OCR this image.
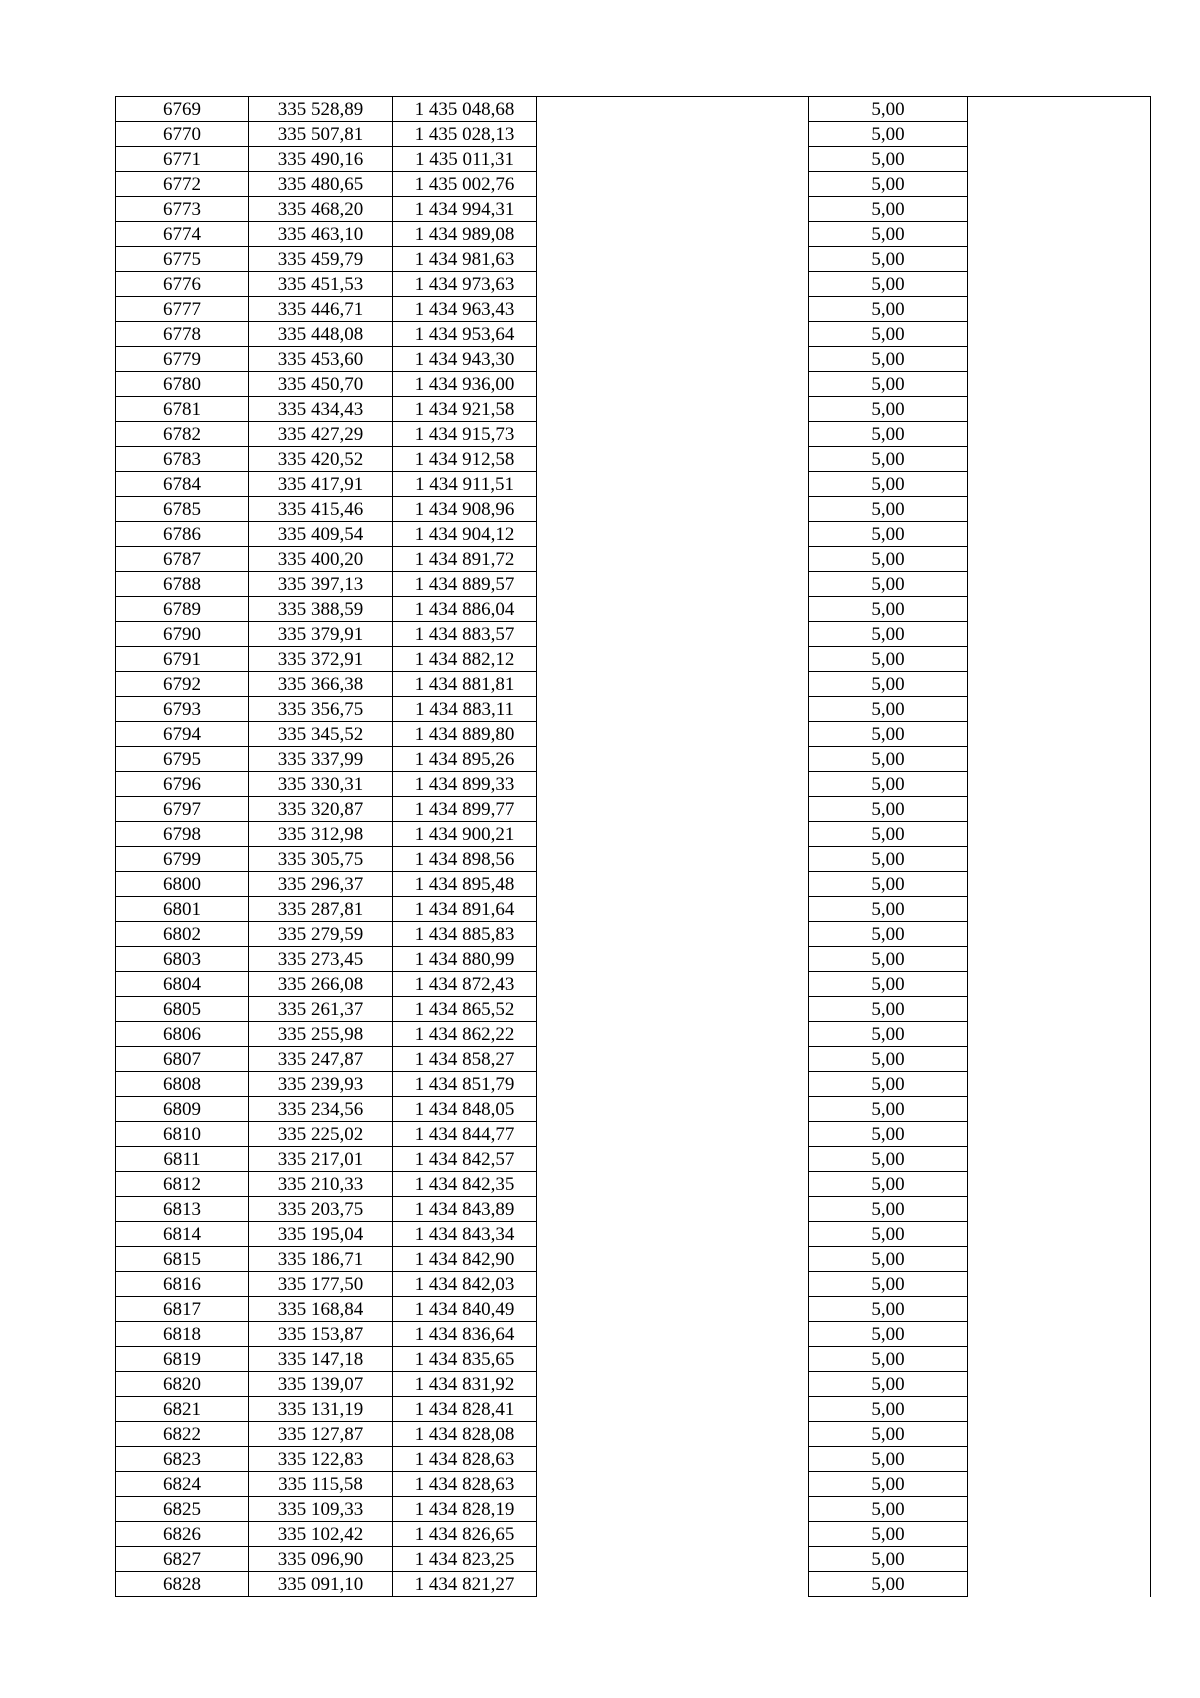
6769	335 528,89	1 435 048,68		5,00	
6770	335 507,81	1 435 028,13		5,00	
6771	335 490,16	1 435 011,31		5,00	
6772	335 480,65	1 435 002,76		5,00	
6773	335 468,20	1 434 994,31		5,00	
6774	335 463,10	1 434 989,08		5,00	
6775	335 459,79	1 434 981,63		5,00	
6776	335 451,53	1 434 973,63		5,00	
6777	335 446,71	1 434 963,43		5,00	
6778	335 448,08	1 434 953,64		5,00	
6779	335 453,60	1 434 943,30		5,00	
6780	335 450,70	1 434 936,00		5,00	
6781	335 434,43	1 434 921,58		5,00	
6782	335 427,29	1 434 915,73		5,00	
6783	335 420,52	1 434 912,58		5,00	
6784	335 417,91	1 434 911,51		5,00	
6785	335 415,46	1 434 908,96		5,00	
6786	335 409,54	1 434 904,12		5,00	
6787	335 400,20	1 434 891,72		5,00	
6788	335 397,13	1 434 889,57		5,00	
6789	335 388,59	1 434 886,04		5,00	
6790	335 379,91	1 434 883,57		5,00	
6791	335 372,91	1 434 882,12		5,00	
6792	335 366,38	1 434 881,81		5,00	
6793	335 356,75	1 434 883,11		5,00	
6794	335 345,52	1 434 889,80		5,00	
6795	335 337,99	1 434 895,26		5,00	
6796	335 330,31	1 434 899,33		5,00	
6797	335 320,87	1 434 899,77		5,00	
6798	335 312,98	1 434 900,21		5,00	
6799	335 305,75	1 434 898,56		5,00	
6800	335 296,37	1 434 895,48		5,00	
6801	335 287,81	1 434 891,64		5,00	
6802	335 279,59	1 434 885,83		5,00	
6803	335 273,45	1 434 880,99		5,00	
6804	335 266,08	1 434 872,43		5,00	
6805	335 261,37	1 434 865,52		5,00	
6806	335 255,98	1 434 862,22		5,00	
6807	335 247,87	1 434 858,27		5,00	
6808	335 239,93	1 434 851,79		5,00	
6809	335 234,56	1 434 848,05		5,00	
6810	335 225,02	1 434 844,77		5,00	
6811	335 217,01	1 434 842,57		5,00	
6812	335 210,33	1 434 842,35		5,00	
6813	335 203,75	1 434 843,89		5,00	
6814	335 195,04	1 434 843,34		5,00	
6815	335 186,71	1 434 842,90		5,00	
6816	335 177,50	1 434 842,03		5,00	
6817	335 168,84	1 434 840,49		5,00	
6818	335 153,87	1 434 836,64		5,00	
6819	335 147,18	1 434 835,65		5,00	
6820	335 139,07	1 434 831,92		5,00	
6821	335 131,19	1 434 828,41		5,00	
6822	335 127,87	1 434 828,08		5,00	
6823	335 122,83	1 434 828,63		5,00	
6824	335 115,58	1 434 828,63		5,00	
6825	335 109,33	1 434 828,19		5,00	
6826	335 102,42	1 434 826,65		5,00	
6827	335 096,90	1 434 823,25		5,00	
6828	335 091,10	1 434 821,27		5,00	
